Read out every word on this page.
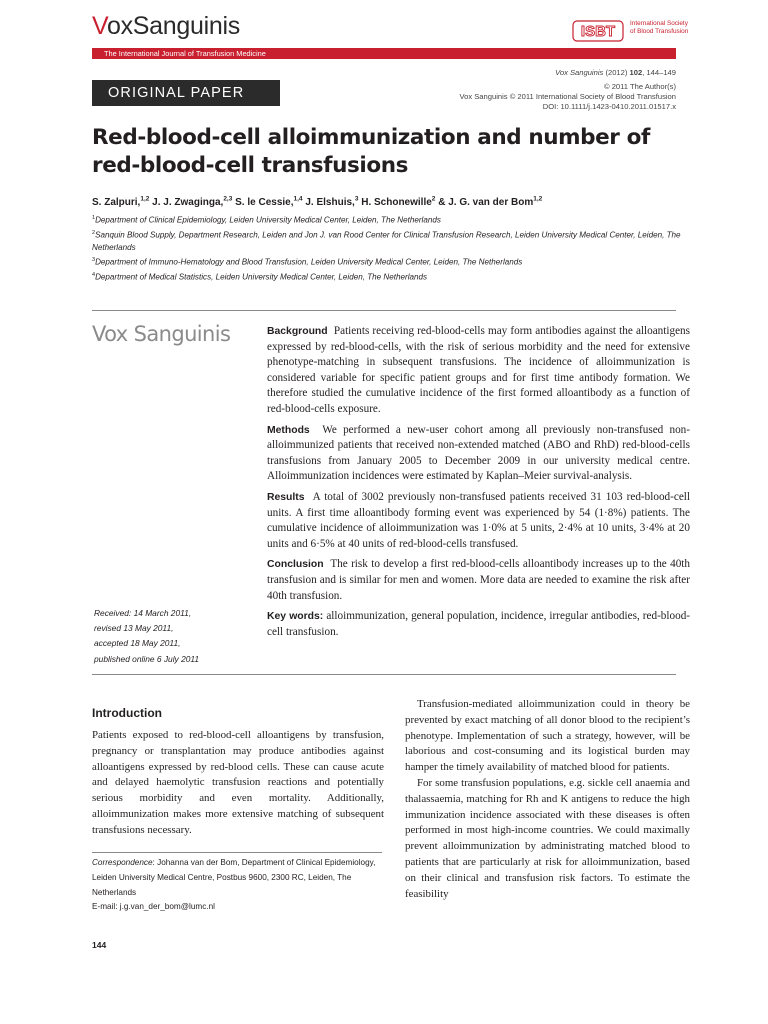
VoxSanguinis
The International Journal of Transfusion Medicine
ISBT International Society
of Blood Transfusion
ORIGINAL PAPER
Vox Sanguinis (2012) 102, 144–149
© 2011 The Author(s)
Vox Sanguinis © 2011 International Society of Blood Transfusion
DOI: 10.1111/j.1423-0410.2011.01517.x
Red-blood-cell alloimmunization and number of
red-blood-cell transfusions
S. Zalpuri,$^{1,2}$ J. J. Zwaginga,$^{2,3}$ S. le Cessie,$^{1,4}$ J. Elshuis,$^3$ H. Schonewille$^2$ & J. G. van der Bom$^{1,2}$
$^1$Department of Clinical Epidemiology, Leiden University Medical Center, Leiden, The Netherlands
$^2$Sanquin Blood Supply, Department Research, Leiden and Jon J. van Rood Center for Clinical Transfusion Research, Leiden University Medical Center, Leiden, The Netherlands
$^3$Department of Immuno-Hematology and Blood Transfusion, Leiden University Medical Center, Leiden, The Netherlands
$^4$Department of Medical Statistics, Leiden University Medical Center, Leiden, The Netherlands
Vox Sanguinis	Background Patients receiving red-blood-cells may form antibodies against the alloantigens expressed by red-blood-cells, with the risk of serious morbidity and the need for extensive phenotype-matching in subsequent transfusions. The incidence of alloimmunization is considered variable for specific patient groups and for first time antibody formation. We therefore studied the cumulative incidence of the first formed alloantibody as a function of red-blood-cells exposure.

Methods We performed a new-user cohort among all previously non-transfused non-alloimmunized patients that received non-extended matched (ABO and RhD) red-blood-cells transfusions from January 2005 to December 2009 in our university medical centre. Alloimmunization incidences were estimated by Kaplan–Meier survival-analysis.

Results A total of 3002 previously non-transfused patients received 31 103 red-blood-cell units. A first time alloantibody forming event was experienced by 54 (1·8%) patients. The cumulative incidence of alloimmunization was 1·0% at 5 units, 2·4% at 10 units, 3·4% at 20 units and 6·5% at 40 units of red-blood-cells transfused.

Conclusion The risk to develop a first red-blood-cells alloantibody increases up to the 40th transfusion and is similar for men and women. More data are needed to examine the risk after 40th transfusion.

Key words: alloimmunization, general population, incidence, irregular antibodies, red-blood-cell transfusion.

Received: 14 March 2011,
revised 13 May 2011,
accepted 18 May 2011,
published online 6 July 2011
Introduction

Patients exposed to red-blood-cell alloantigens by transfusion, pregnancy or transplantation may produce antibodies against alloantigens expressed by red-blood cells. These can cause acute and delayed haemolytic transfusion reactions and potentially serious morbidity and even mortality. Additionally, alloimmunization makes more extensive matching of subsequent transfusions necessary.

Transfusion-mediated alloimmunization could in theory be prevented by exact matching of all donor blood to the recipient’s phenotype. Implementation of such a strategy, however, will be laborious and cost-consuming and its logistical burden may hamper the timely availability of matched blood for patients.

For some transfusion populations, e.g. sickle cell anaemia and thalassaemia, matching for Rh and K antigens to reduce the high immunization incidence associated with these diseases is often performed in most high-income countries. We could maximally prevent alloimmunization by administrating matched blood to patients that are particularly at risk for alloimmunization, based on their clinical and transfusion risk factors. To estimate the feasibility

Correspondence: Johanna van der Bom, Department of Clinical Epidemiology, Leiden University Medical Centre, Postbus 9600, 2300 RC, Leiden, The Netherlands
E-mail: j.g.van_der_bom@lumc.nl
144
